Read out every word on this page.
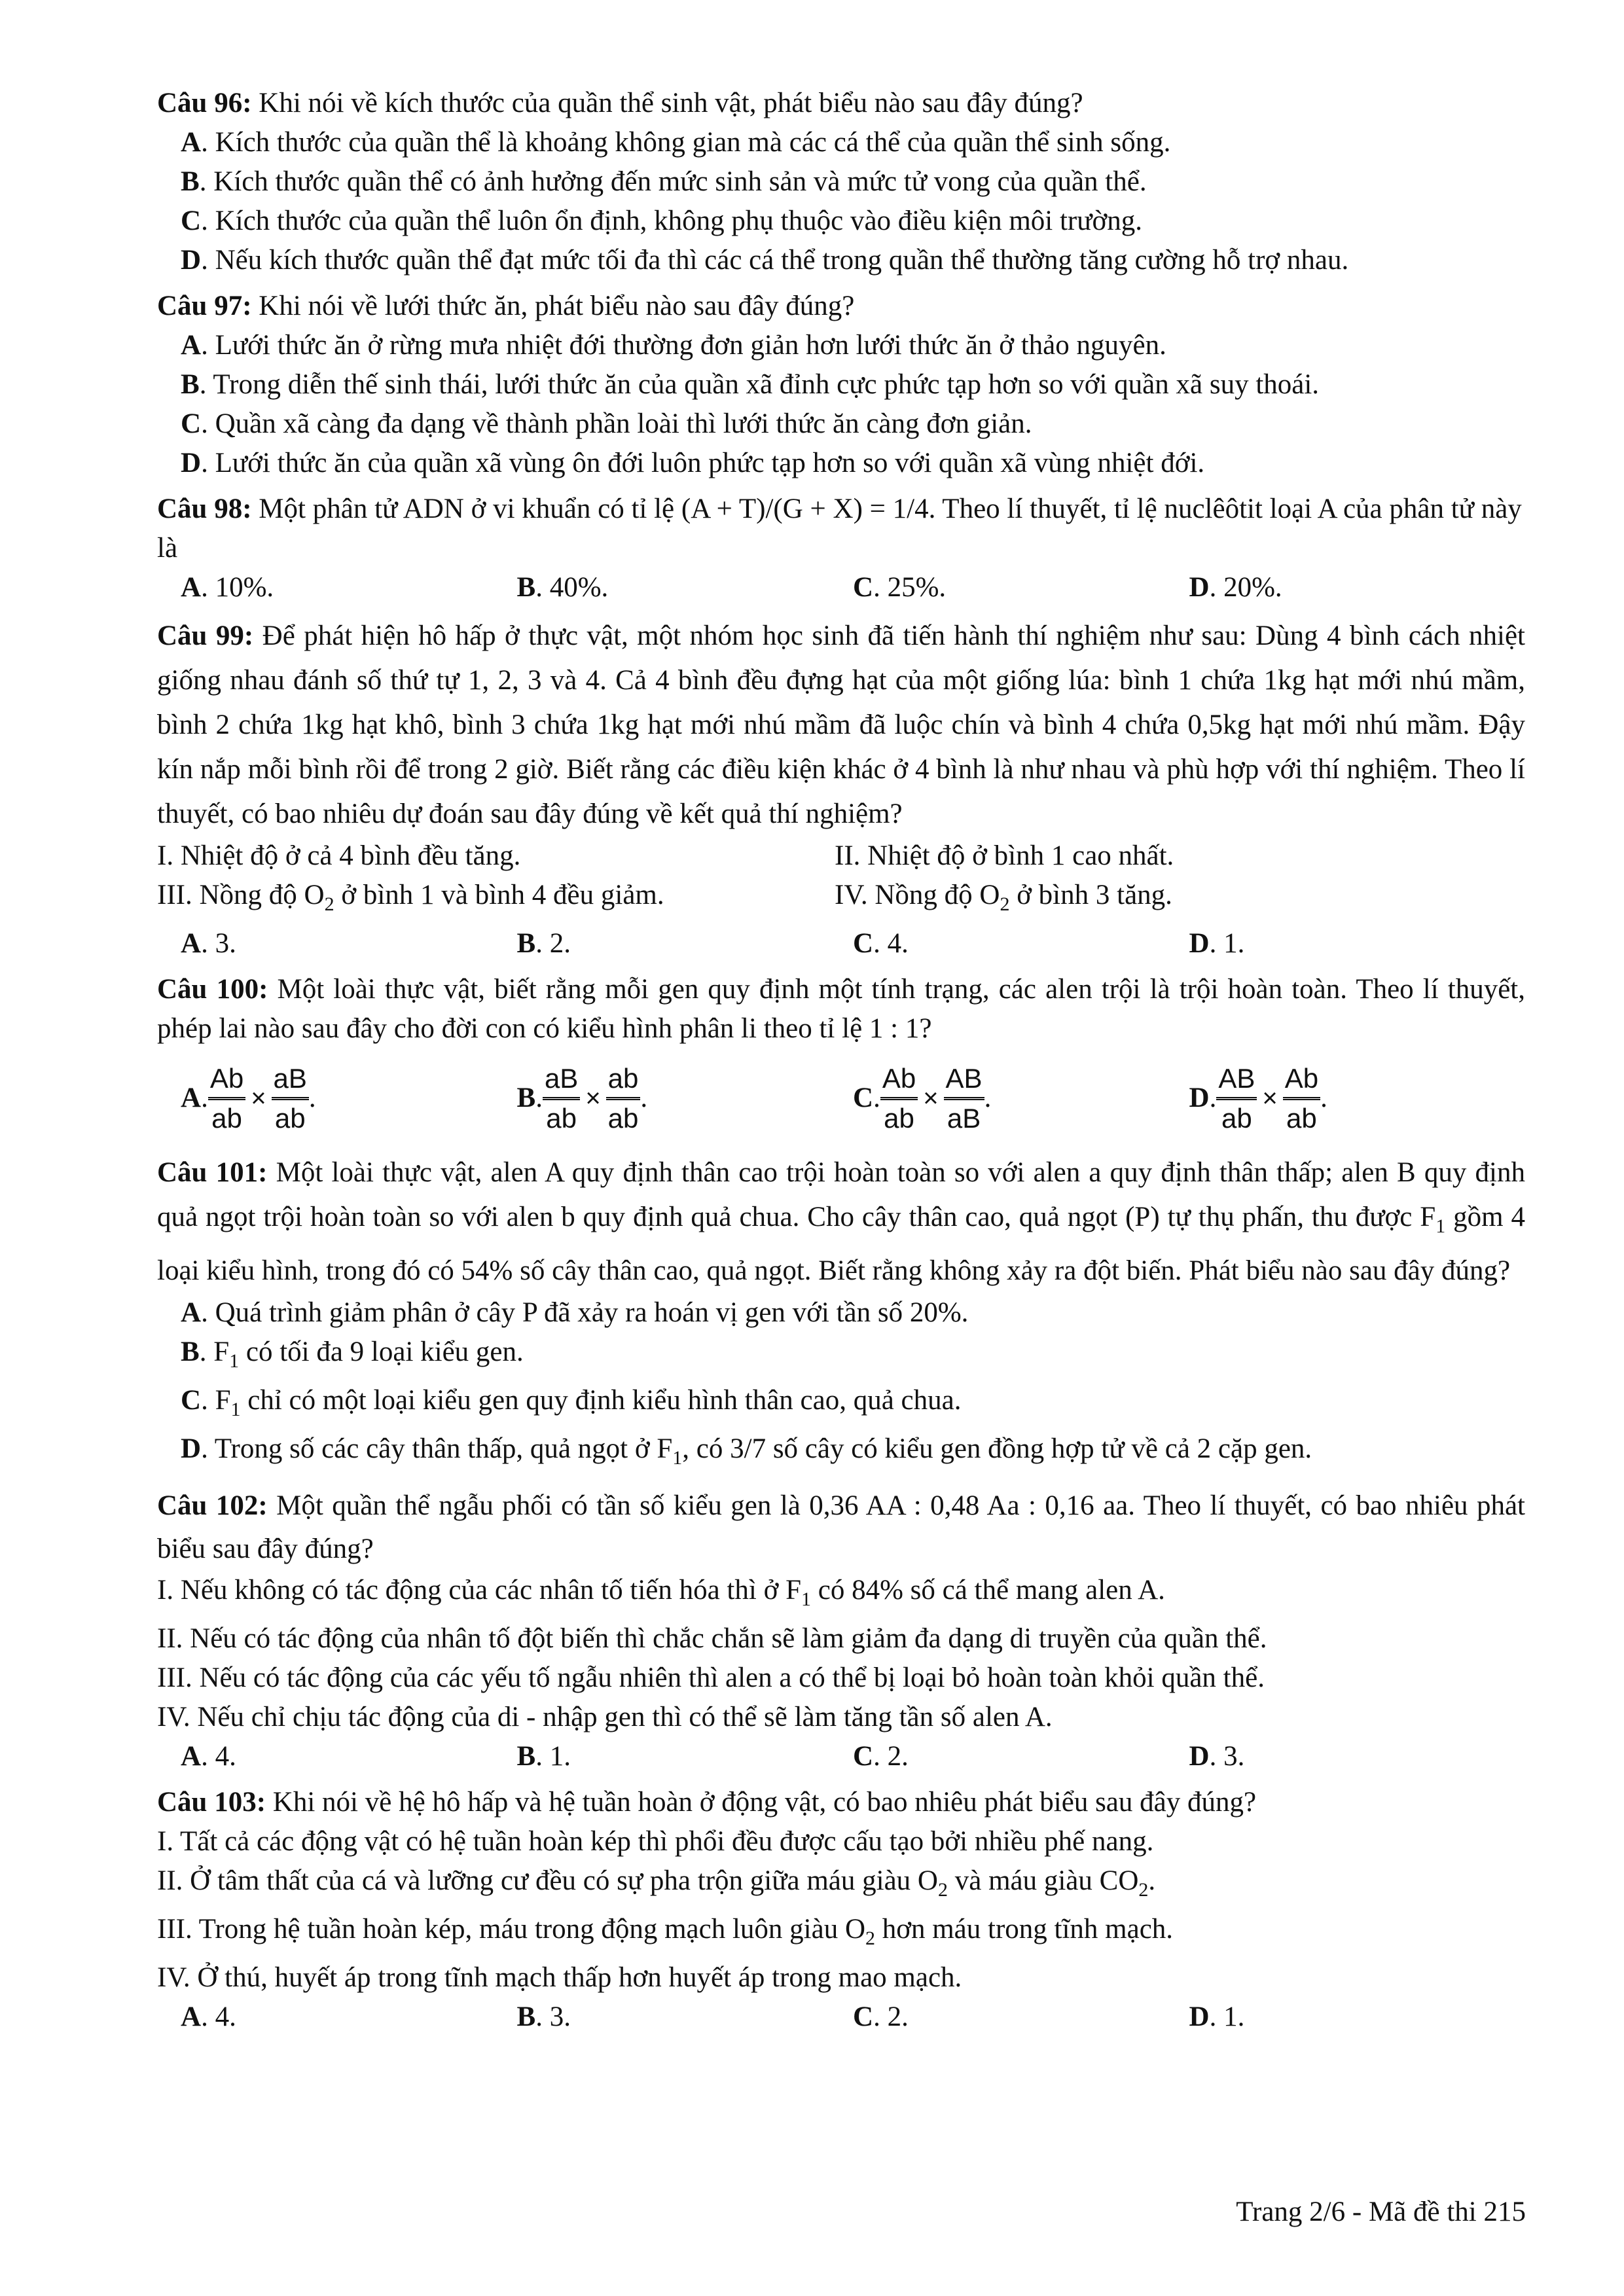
Câu 96: Khi nói về kích thước của quần thể sinh vật, phát biểu nào sau đây đúng?
A. Kích thước của quần thể là khoảng không gian mà các cá thể của quần thể sinh sống.
B. Kích thước quần thể có ảnh hưởng đến mức sinh sản và mức tử vong của quần thể.
C. Kích thước của quần thể luôn ổn định, không phụ thuộc vào điều kiện môi trường.
D. Nếu kích thước quần thể đạt mức tối đa thì các cá thể trong quần thể thường tăng cường hỗ trợ nhau.
Câu 97: Khi nói về lưới thức ăn, phát biểu nào sau đây đúng?
A. Lưới thức ăn ở rừng mưa nhiệt đới thường đơn giản hơn lưới thức ăn ở thảo nguyên.
B. Trong diễn thế sinh thái, lưới thức ăn của quần xã đỉnh cực phức tạp hơn so với quần xã suy thoái.
C. Quần xã càng đa dạng về thành phần loài thì lưới thức ăn càng đơn giản.
D. Lưới thức ăn của quần xã vùng ôn đới luôn phức tạp hơn so với quần xã vùng nhiệt đới.
Câu 98: Một phân tử ADN ở vi khuẩn có tỉ lệ (A + T)/(G + X) = 1/4. Theo lí thuyết, tỉ lệ nuclêôtit loại A của phân tử này là
A. 10%.	B. 40%.	C. 25%.	D. 20%.
Câu 99: Để phát hiện hô hấp ở thực vật, một nhóm học sinh đã tiến hành thí nghiệm như sau: Dùng 4 bình cách nhiệt giống nhau đánh số thứ tự 1, 2, 3 và 4. Cả 4 bình đều đựng hạt của một giống lúa: bình 1 chứa 1kg hạt mới nhú mầm, bình 2 chứa 1kg hạt khô, bình 3 chứa 1kg hạt mới nhú mầm đã luộc chín và bình 4 chứa 0,5kg hạt mới nhú mầm. Đậy kín nắp mỗi bình rồi để trong 2 giờ. Biết rằng các điều kiện khác ở 4 bình là như nhau và phù hợp với thí nghiệm. Theo lí thuyết, có bao nhiêu dự đoán sau đây đúng về kết quả thí nghiệm?
I. Nhiệt độ ở cả 4 bình đều tăng.	II. Nhiệt độ ở bình 1 cao nhất.
III. Nồng độ $O_2$ ở bình 1 và bình 4 đều giảm.	IV. Nồng độ $O_2$ ở bình 3 tăng.
A. 3.	B. 2.	C. 4.	D. 1.
Câu 100: Một loài thực vật, biết rằng mỗi gen quy định một tính trạng, các alen trội là trội hoàn toàn. Theo lí thuyết, phép lai nào sau đây cho đời con có kiểu hình phân li theo tỉ lệ 1 : 1?
A . $\frac{Ab}{ab} \times \frac{aB}{ab}$ .	B . $\frac{aB}{ab} \times \frac{ab}{ab}$ .	C . $\frac{Ab}{ab} \times \frac{AB}{aB}$ .	D . $\frac{AB}{ab} \times \frac{Ab}{ab}$ .
Câu 101: Một loài thực vật, alen A quy định thân cao trội hoàn toàn so với alen a quy định thân thấp; alen B quy định quả ngọt trội hoàn toàn so với alen b quy định quả chua. Cho cây thân cao, quả ngọt (P) tự thụ phấn, thu được $F_1$ gồm 4 loại kiểu hình, trong đó có 54% số cây thân cao, quả ngọt. Biết rằng không xảy ra đột biến. Phát biểu nào sau đây đúng?
A. Quá trình giảm phân ở cây P đã xảy ra hoán vị gen với tần số 20%.
B. $F_1$ có tối đa 9 loại kiểu gen.
C. $F_1$ chỉ có một loại kiểu gen quy định kiểu hình thân cao, quả chua.
D. Trong số các cây thân thấp, quả ngọt ở $F_1$, có 3/7 số cây có kiểu gen đồng hợp tử về cả 2 cặp gen.
Câu 102: Một quần thể ngẫu phối có tần số kiểu gen là 0,36 AA : 0,48 Aa : 0,16 aa. Theo lí thuyết, có bao nhiêu phát biểu sau đây đúng?
I. Nếu không có tác động của các nhân tố tiến hóa thì ở $F_1$ có 84% số cá thể mang alen A.
II. Nếu có tác động của nhân tố đột biến thì chắc chắn sẽ làm giảm đa dạng di truyền của quần thể.
III. Nếu có tác động của các yếu tố ngẫu nhiên thì alen a có thể bị loại bỏ hoàn toàn khỏi quần thể.
IV. Nếu chỉ chịu tác động của di - nhập gen thì có thể sẽ làm tăng tần số alen A.
A. 4.	B. 1.	C. 2.	D. 3.
Câu 103: Khi nói về hệ hô hấp và hệ tuần hoàn ở động vật, có bao nhiêu phát biểu sau đây đúng?
I. Tất cả các động vật có hệ tuần hoàn kép thì phổi đều được cấu tạo bởi nhiều phế nang.
II. Ở tâm thất của cá và lưỡng cư đều có sự pha trộn giữa máu giàu $O_2$ và máu giàu $CO_2$.
III. Trong hệ tuần hoàn kép, máu trong động mạch luôn giàu $O_2$ hơn máu trong tĩnh mạch.
IV. Ở thú, huyết áp trong tĩnh mạch thấp hơn huyết áp trong mao mạch.
A. 4.	B. 3.	C. 2.	D. 1.
Trang 2/6 - Mã đề thi 215
